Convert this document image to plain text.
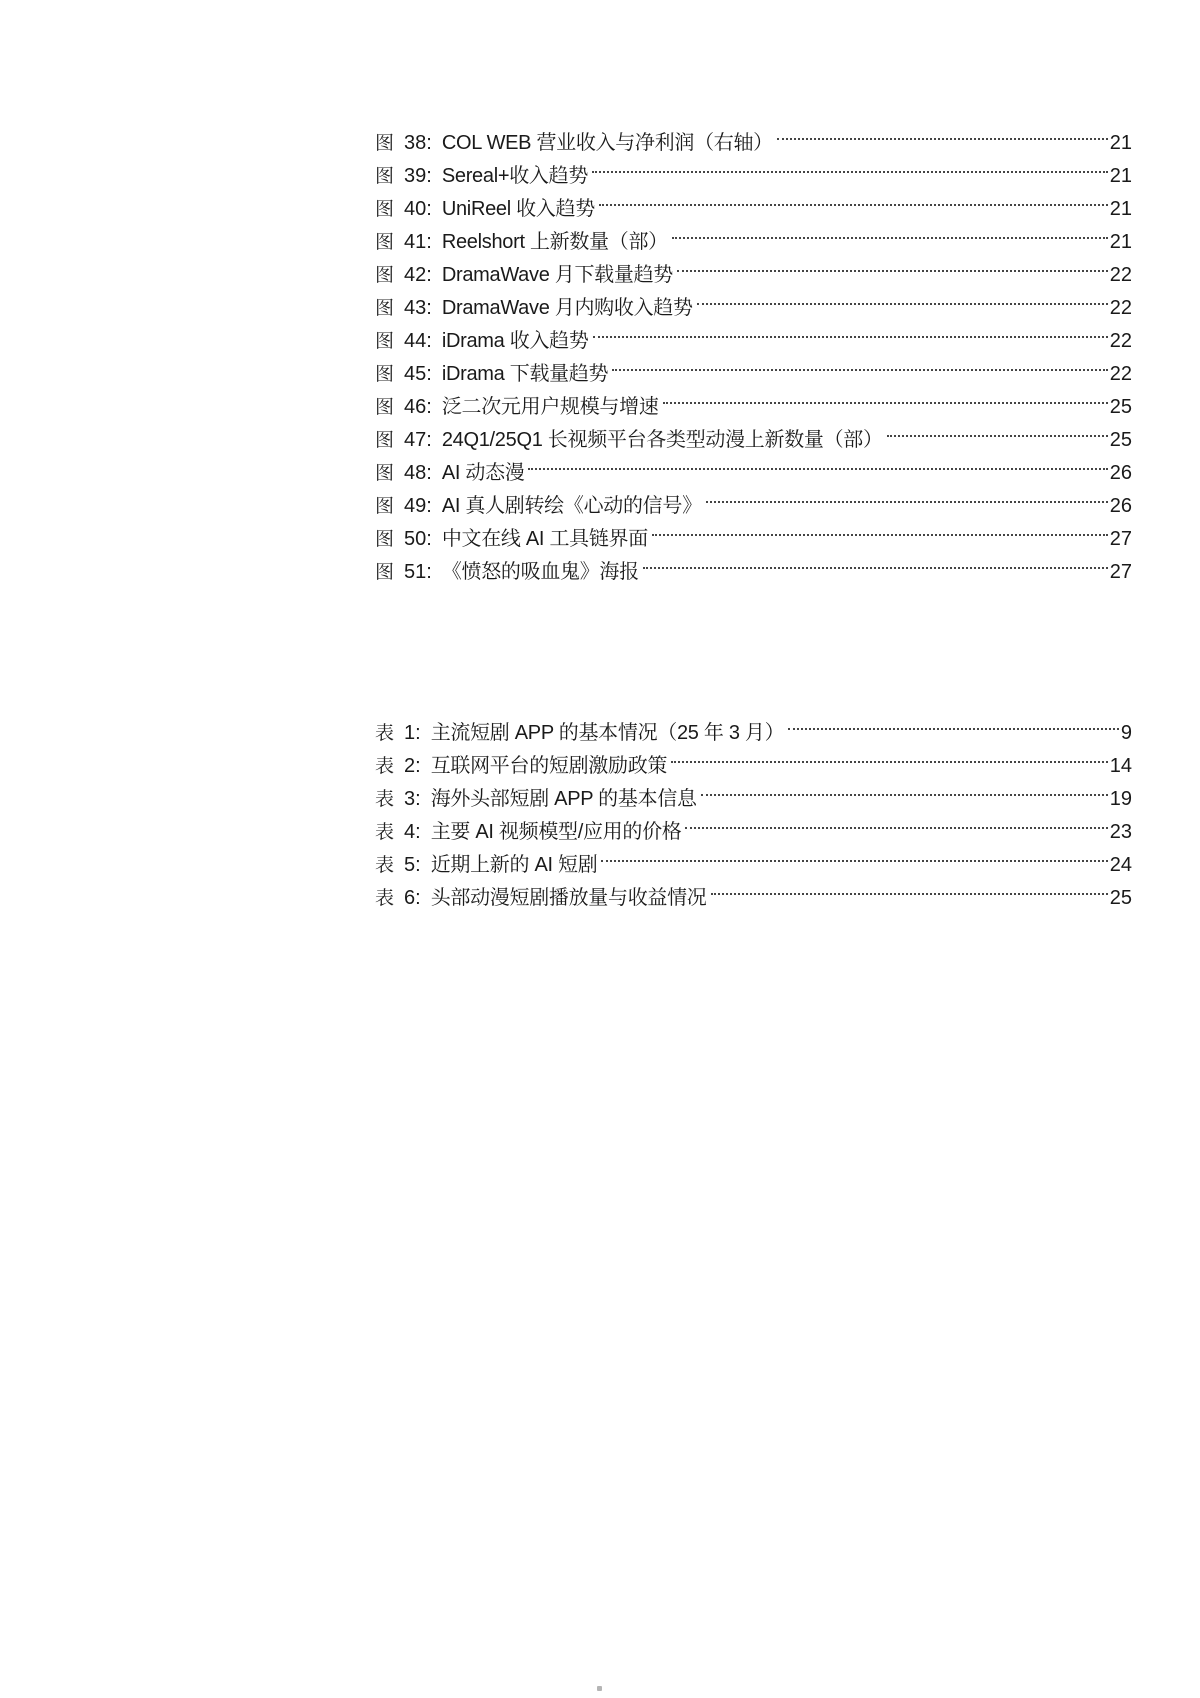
图 38: COL WEB 营业收入与净利润（右轴）	21
图 39: Sereal+收入趋势	21
图 40: UniReel 收入趋势	21
图 41: Reelshort 上新数量（部）	21
图 42: DramaWave 月下载量趋势	22
图 43: DramaWave 月内购收入趋势	22
图 44: iDrama 收入趋势	22
图 45: iDrama 下载量趋势	22
图 46: 泛二次元用户规模与增速	25
图 47: 24Q1/25Q1 长视频平台各类型动漫上新数量（部）	25
图 48: AI 动态漫	26
图 49: AI 真人剧转绘《心动的信号》	26
图 50: 中文在线 AI 工具链界面	27
图 51: 《愤怒的吸血鬼》海报	27
表 1: 主流短剧 APP 的基本情况（25 年 3 月）	9
表 2: 互联网平台的短剧激励政策	14
表 3: 海外头部短剧 APP 的基本信息	19
表 4: 主要 AI 视频模型/应用的价格	23
表 5: 近期上新的 AI 短剧	24
表 6: 头部动漫短剧播放量与收益情况	25
